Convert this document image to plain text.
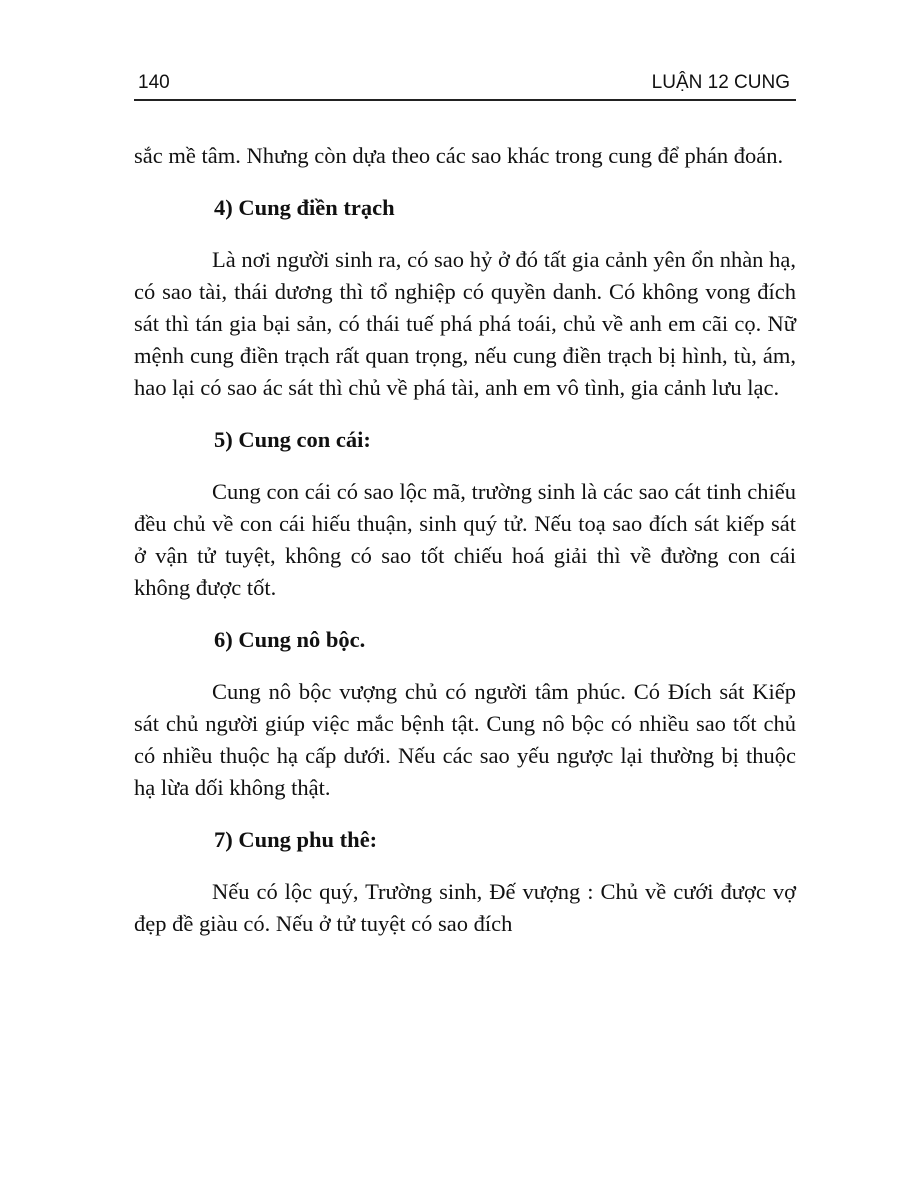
140	LUẬN 12 CUNG

sắc mề tâm. Nhưng còn dựa theo các sao khác trong cung để phán đoán.

4) Cung điền trạch

Là nơi người sinh ra, có sao hỷ ở đó tất gia cảnh yên ổn nhàn hạ, có sao tài, thái dương thì tổ nghiệp có quyền danh. Có không vong đích sát thì tán gia bại sản, có thái tuế phá phá toái, chủ về anh em cãi cọ. Nữ mệnh cung điền trạch rất quan trọng, nếu cung điền trạch bị hình, tù, ám, hao lại có sao ác sát thì chủ về phá tài, anh em vô tình, gia cảnh lưu lạc.

5) Cung con cái:

Cung con cái có sao lộc mã, trường sinh là các sao cát tinh chiếu đều chủ về con cái hiếu thuận, sinh quý tử. Nếu toạ sao đích sát kiếp sát ở vận tử tuyệt, không có sao tốt chiếu hoá giải thì về đường con cái không được tốt.

6) Cung nô bộc.

Cung nô bộc vượng chủ có người tâm phúc. Có Đích sát Kiếp sát chủ người giúp việc mắc bệnh tật. Cung nô bộc có nhiều sao tốt chủ có nhiều thuộc hạ cấp dưới. Nếu các sao yếu ngược lại thường bị thuộc hạ lừa dối không thật.

7) Cung phu thê:

Nếu có lộc quý, Trường sinh, Đế vượng : Chủ về cưới được vợ đẹp đề giàu có. Nếu ở tử tuyệt có sao đích
